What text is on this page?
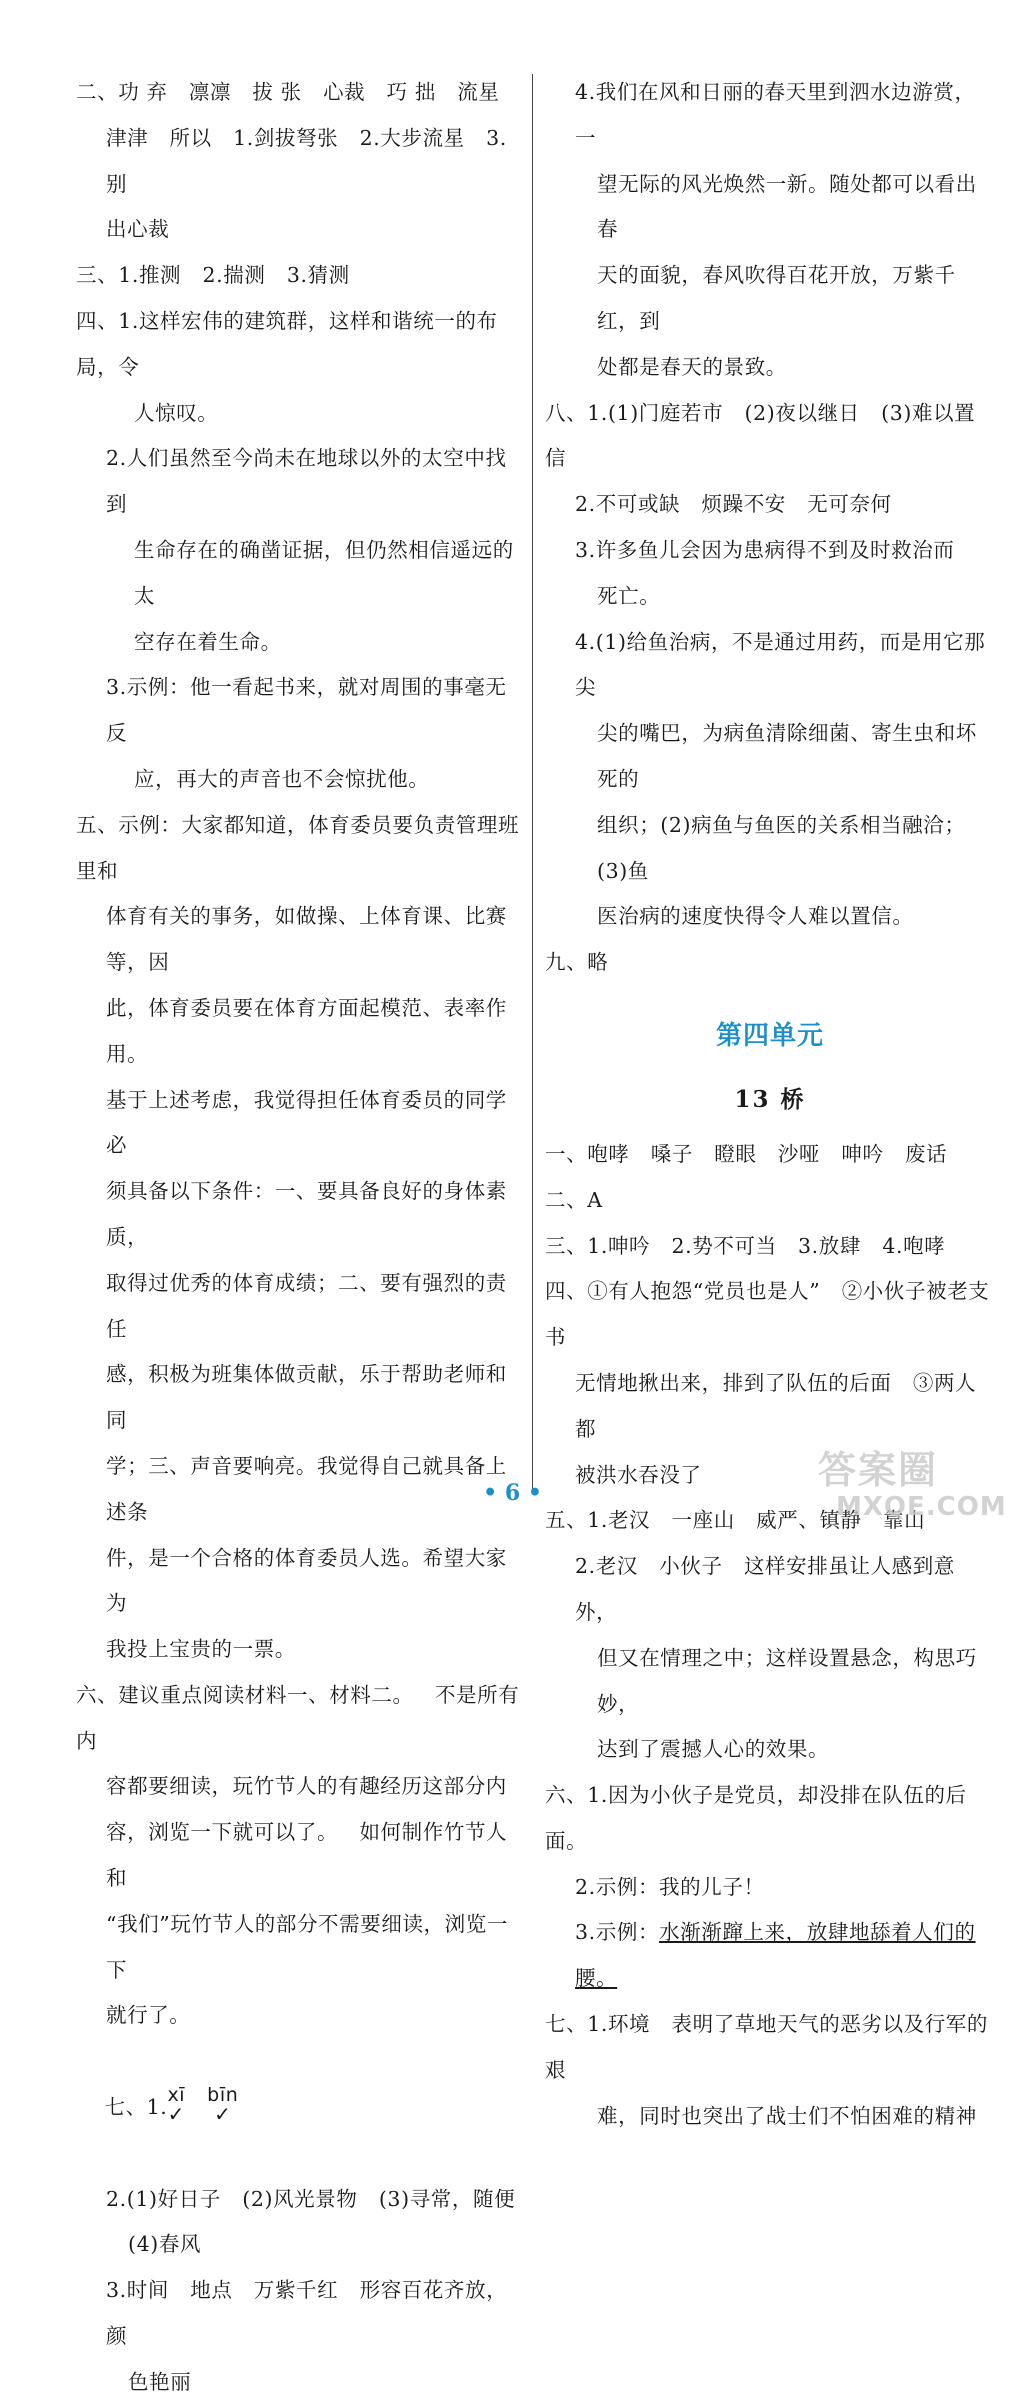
二、功 弃   凛凛   拔 张   心裁   巧 拙   流星

津津   所以   1.剑拔弩张   2.大步流星   3.别

出心裁

三、1.推测   2.揣测   3.猜测

四、1.这样宏伟的建筑群，这样和谐统一的布局，令

人惊叹。

2.人们虽然至今尚未在地球以外的太空中找到

生命存在的确凿证据，但仍然相信遥远的太

空存在着生命。

3.示例：他一看起书来，就对周围的事毫无反

应，再大的声音也不会惊扰他。

五、示例：大家都知道，体育委员要负责管理班里和

体育有关的事务，如做操、上体育课、比赛等，因

此，体育委员要在体育方面起模范、表率作用。

基于上述考虑，我觉得担任体育委员的同学必

须具备以下条件：一、要具备良好的身体素质，

取得过优秀的体育成绩；二、要有强烈的责任

感，积极为班集体做贡献，乐于帮助老师和同

学；三、声音要响亮。我觉得自己就具备上述条

件，是一个合格的体育委员人选。希望大家为

我投上宝贵的一票。

六、建议重点阅读材料一、材料二。   不是所有内

容都要细读，玩竹节人的有趣经历这部分内

容，浏览一下就可以了。   如何制作竹节人和

“我们”玩竹节人的部分不需要细读，浏览一下

就行了。

七、1.xī
✓
bīn
✓

2.(1)好日子   (2)风光景物   (3)寻常，随便

(4)春风

3.时间   地点   万紫千红   形容百花齐放，颜

色艳丽

4.我们在风和日丽的春天里到泗水边游赏，一

望无际的风光焕然一新。随处都可以看出春

天的面貌，春风吹得百花开放，万紫千红，到

处都是春天的景致。

八、1.(1)门庭若市   (2)夜以继日   (3)难以置信

2.不可或缺   烦躁不安   无可奈何

3.许多鱼儿会因为患病得不到及时救治而

死亡。

4.(1)给鱼治病，不是通过用药，而是用它那尖

尖的嘴巴，为病鱼清除细菌、寄生虫和坏死的

组织；(2)病鱼与鱼医的关系相当融洽；(3)鱼

医治病的速度快得令人难以置信。

九、略

第四单元
13 桥

一、咆哮   嗓子   瞪眼   沙哑   呻吟   废话

二、A

三、1.呻吟   2.势不可当   3.放肆   4.咆哮

四、①有人抱怨“党员也是人”   ②小伙子被老支书

无情地揪出来，排到了队伍的后面   ③两人都

被洪水吞没了

五、1.老汉   一座山   威严、镇静   靠山

2.老汉   小伙子   这样安排虽让人感到意外，

但又在情理之中；这样设置悬念，构思巧妙，

达到了震撼人心的效果。

六、1.因为小伙子是党员，却没排在队伍的后面。

2.示例：我的儿子！

3.示例：水渐渐蹿上来，放肆地舔着人们的腰。

七、1.环境   表明了草地天气的恶劣以及行军的艰

难，同时也突出了战士们不怕困难的精神

• 6 •
答案圈
MXQE.COM
